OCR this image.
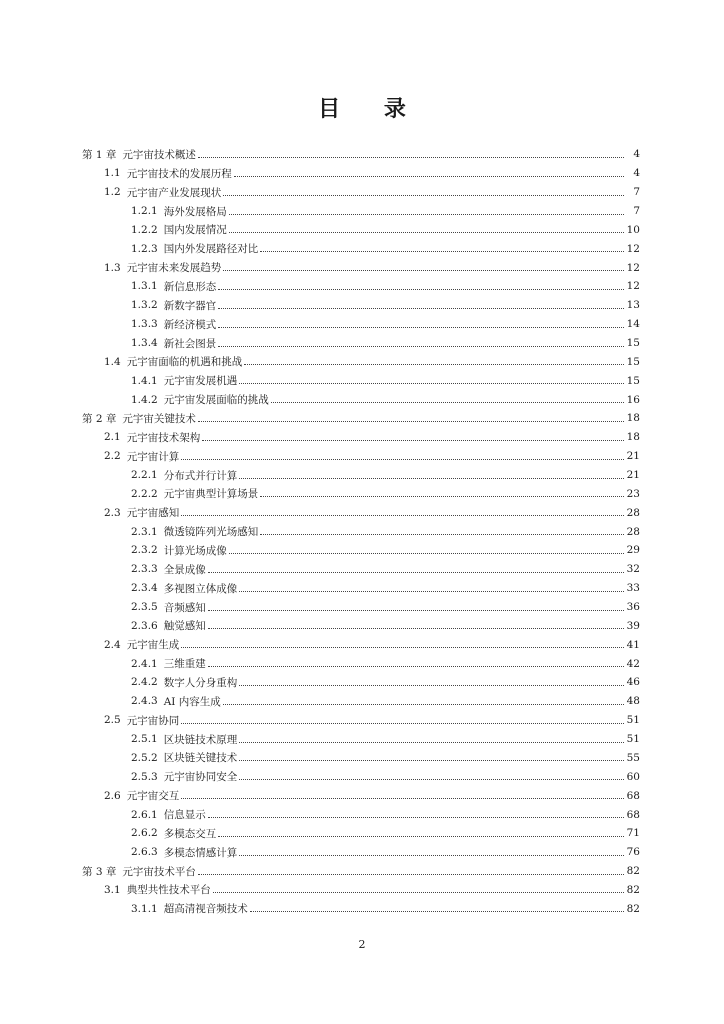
目 录
第 1 章 元宇宙技术概述	4
1.1 元宇宙技术的发展历程	4
1.2 元宇宙产业发展现状	7
1.2.1 海外发展格局	7
1.2.2 国内发展情况	10
1.2.3 国内外发展路径对比	12
1.3 元宇宙未来发展趋势	12
1.3.1 新信息形态	12
1.3.2 新数字器官	13
1.3.3 新经济模式	14
1.3.4 新社会图景	15
1.4 元宇宙面临的机遇和挑战	15
1.4.1 元宇宙发展机遇	15
1.4.2 元宇宙发展面临的挑战	16
第 2 章 元宇宙关键技术	18
2.1 元宇宙技术架构	18
2.2 元宇宙计算	21
2.2.1 分布式并行计算	21
2.2.2 元宇宙典型计算场景	23
2.3 元宇宙感知	28
2.3.1 微透镜阵列光场感知	28
2.3.2 计算光场成像	29
2.3.3 全景成像	32
2.3.4 多视图立体成像	33
2.3.5 音频感知	36
2.3.6 触觉感知	39
2.4 元宇宙生成	41
2.4.1 三维重建	42
2.4.2 数字人分身重构	46
2.4.3 AI 内容生成	48
2.5 元宇宙协同	51
2.5.1 区块链技术原理	51
2.5.2 区块链关键技术	55
2.5.3 元宇宙协同安全	60
2.6 元宇宙交互	68
2.6.1 信息显示	68
2.6.2 多模态交互	71
2.6.3 多模态情感计算	76
第 3 章 元宇宙技术平台	82
3.1 典型共性技术平台	82
3.1.1 超高清视音频技术	82
2
